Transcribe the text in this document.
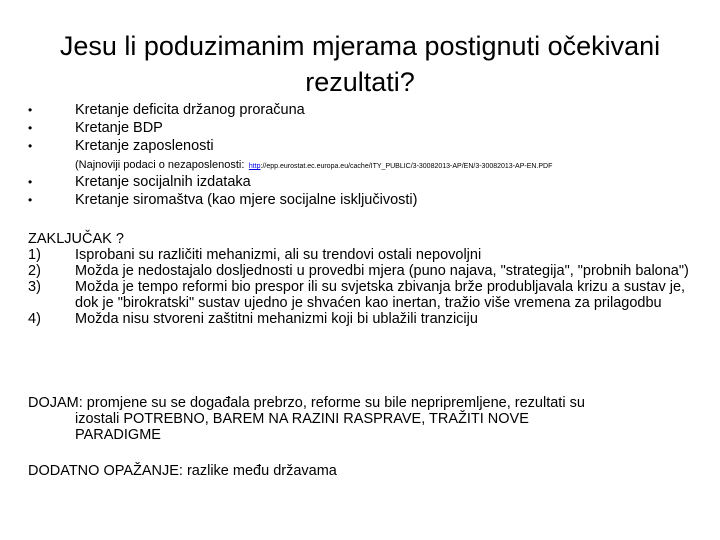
Jesu li poduzimanim mjerama postignuti očekivani rezultati?
•	Kretanje deficita držanog proračuna
•	Kretanje BDP
•	Kretanje zaposlenosti
(Najnoviji podaci o nezaposlenosti: http://epp.eurostat.ec.europa.eu/cache/ITY_PUBLIC/3-30082013-AP/EN/3-30082013-AP-EN.PDF
•	Kretanje socijalnih izdataka
•	Kretanje siromaštva (kao mjere socijalne isključivosti)
ZAKLJUČAK ?
1) Isprobani su različiti mehanizmi, ali su trendovi ostali nepovoljni
2) Možda je nedostajalo dosljednosti u provedbi mjera (puno najava, "strategija", "probnih balona")
3) Možda je tempo reformi bio prespor ili su svjetska zbivanja brže produbljavala krizu a sustav je, dok je "birokratski" sustav ujedno je shvaćen kao inertan, tražio više vremena za prilagodbu
4) Možda nisu stvoreni zaštitni mehanizmi koji bi ublažili tranziciju
DOJAM: promjene su se događala prebrzo, reforme su bile nepripremljene, rezultati su
izostali POTREBNO, BAREM NA RAZINI RASPRAVE, TRAŽITI NOVE
PARADIGME
DODATNO OPAŽANJE: razlike među državama
